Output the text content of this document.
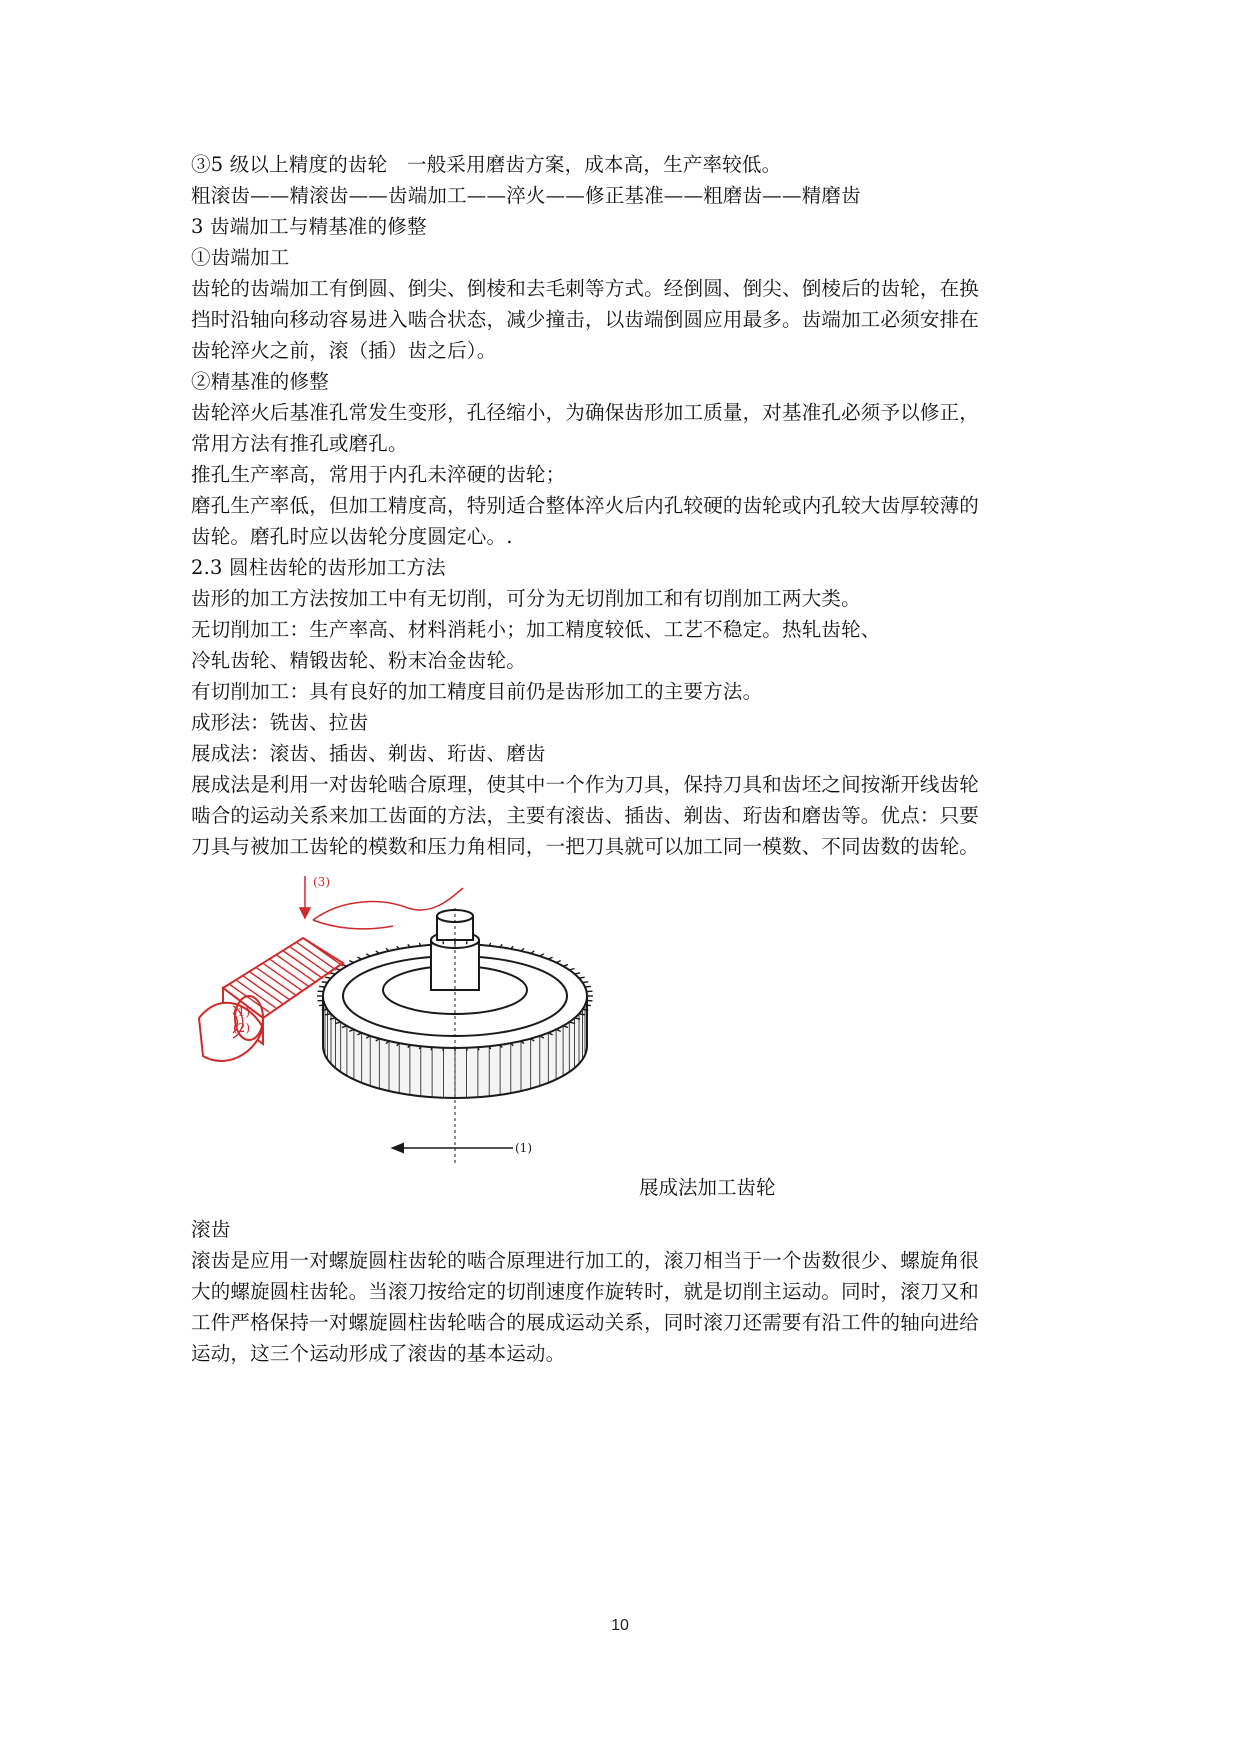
③5 级以上精度的齿轮　一般采用磨齿方案，成本高，生产率较低。
粗滚齿——精滚齿——齿端加工——淬火——修正基准——粗磨齿——精磨齿
3 齿端加工与精基准的修整
①齿端加工
齿轮的齿端加工有倒圆、倒尖、倒棱和去毛刺等方式。经倒圆、倒尖、倒棱后的齿轮，在换
挡时沿轴向移动容易进入啮合状态，减少撞击，以齿端倒圆应用最多。齿端加工必须安排在
齿轮淬火之前，滚（插）齿之后）。
②精基准的修整
齿轮淬火后基准孔常发生变形，孔径缩小，为确保齿形加工质量，对基准孔必须予以修正，
常用方法有推孔或磨孔。
推孔生产率高，常用于内孔未淬硬的齿轮；
磨孔生产率低，但加工精度高，特别适合整体淬火后内孔较硬的齿轮或内孔较大齿厚较薄的
齿轮。磨孔时应以齿轮分度圆定心。.
2.3 圆柱齿轮的齿形加工方法
齿形的加工方法按加工中有无切削，可分为无切削加工和有切削加工两大类。
无切削加工：生产率高、材料消耗小；加工精度较低、工艺不稳定。热轧齿轮、
冷轧齿轮、精锻齿轮、粉末冶金齿轮。
有切削加工：具有良好的加工精度目前仍是齿形加工的主要方法。
成形法：铣齿、拉齿
展成法：滚齿、插齿、剃齿、珩齿、磨齿
展成法是利用一对齿轮啮合原理，使其中一个作为刀具，保持刀具和齿坯之间按渐开线齿轮
啮合的运动关系来加工齿面的方法，主要有滚齿、插齿、剃齿、珩齿和磨齿等。优点：只要
刀具与被加工齿轮的模数和压力角相同，一把刀具就可以加工同一模数、不同齿数的齿轮。
(3)
(1)
(2)
(1)
展成法加工齿轮
滚齿
滚齿是应用一对螺旋圆柱齿轮的啮合原理进行加工的，滚刀相当于一个齿数很少、螺旋角很
大的螺旋圆柱齿轮。当滚刀按给定的切削速度作旋转时，就是切削主运动。同时，滚刀又和
工件严格保持一对螺旋圆柱齿轮啮合的展成运动关系，同时滚刀还需要有沿工件的轴向进给
运动，这三个运动形成了滚齿的基本运动。
10
